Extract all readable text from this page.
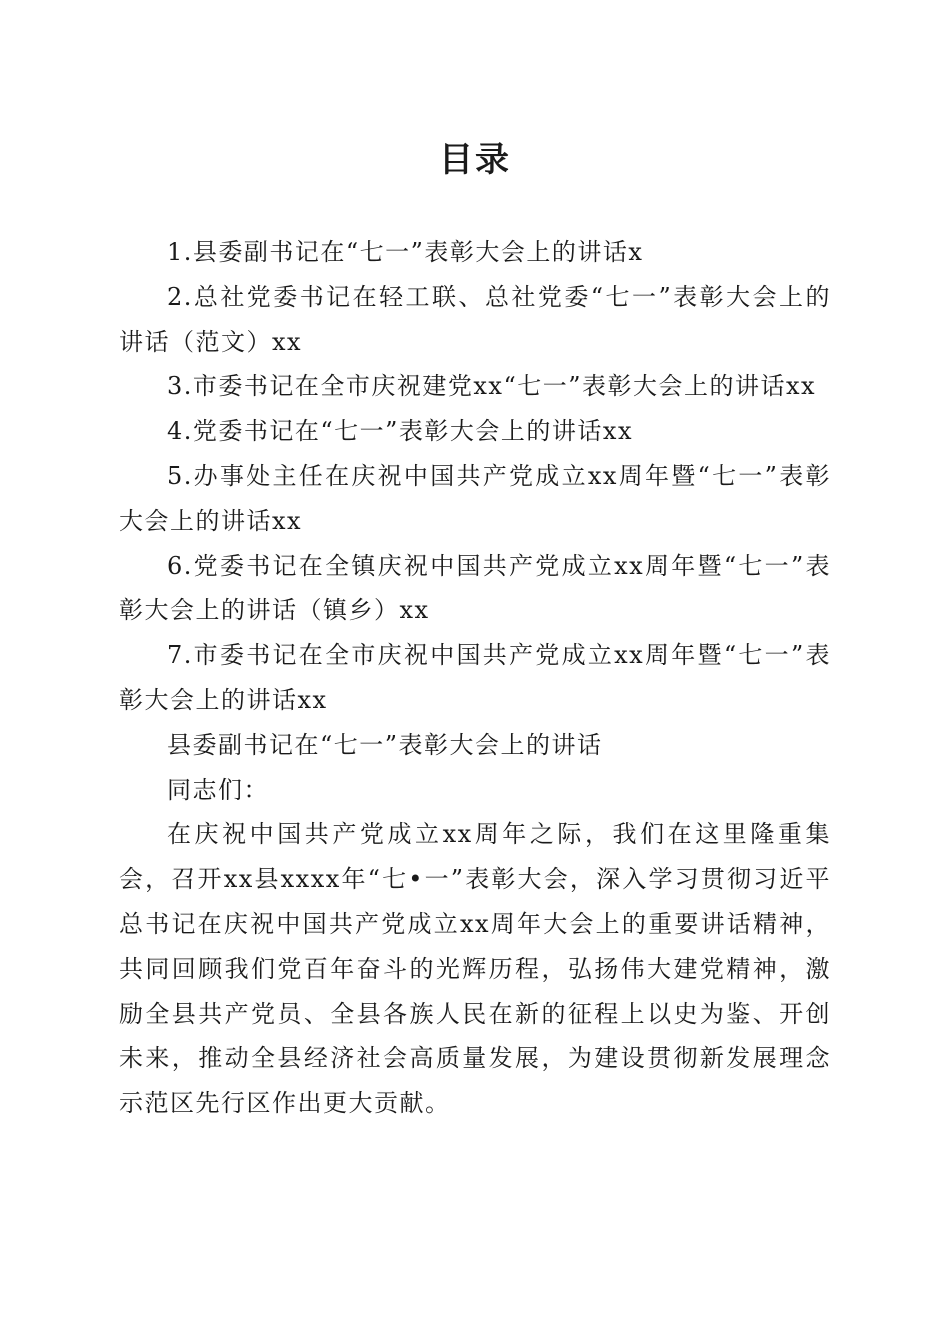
目录

1.县委副书记在“七一”表彰大会上的讲话x

2.总社党委书记在轻工联、总社党委“七一”表彰大会上的讲话（范文）xx

3.市委书记在全市庆祝建党xx“七一”表彰大会上的讲话xx

4.党委书记在“七一”表彰大会上的讲话xx

5.办事处主任在庆祝中国共产党成立xx周年暨“七一”表彰大会上的讲话xx

6.党委书记在全镇庆祝中国共产党成立xx周年暨“七一”表彰大会上的讲话（镇乡）xx

7.市委书记在全市庆祝中国共产党成立xx周年暨“七一”表彰大会上的讲话xx

县委副书记在“七一”表彰大会上的讲话

同志们：

在庆祝中国共产党成立xx周年之际，我们在这里隆重集会，召开xx县xxxx年“七•一”表彰大会，深入学习贯彻习近平总书记在庆祝中国共产党成立xx周年大会上的重要讲话精神，共同回顾我们党百年奋斗的光辉历程，弘扬伟大建党精神，激励全县共产党员、全县各族人民在新的征程上以史为鉴、开创未来，推动全县经济社会高质量发展，为建设贯彻新发展理念示范区先行区作出更大贡献。
